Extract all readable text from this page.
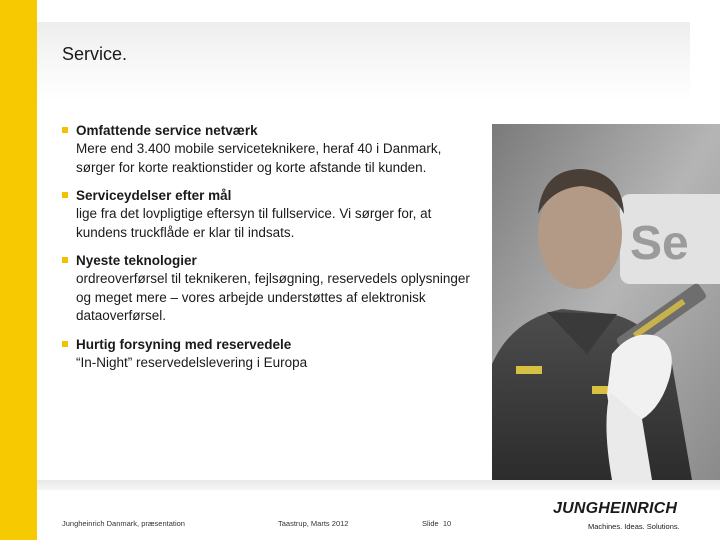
Service.
Omfattende service netværk
Mere end 3.400 mobile serviceteknikere, heraf 40 i Danmark, sørger for korte reaktionstider og korte afstande til kunden.
Serviceydelser efter mål
lige fra det lovpligtige eftersyn til fullservice. Vi sørger for, at kundens truckflåde er klar til indsats.
Nyeste teknologier
ordreoverførsel til teknikeren, fejlsøgning, reservedels oplysninger og meget mere – vores arbejde understøttes af elektronisk dataoverførsel.
Hurtig forsyning med reservedele
“In-Night” reservedelslevering i Europa
Se
Jungheinrich Danmark, præsentation	Taastrup, Marts 2012	Slide 10
JUNGHEINRICH
Machines. Ideas. Solutions.
